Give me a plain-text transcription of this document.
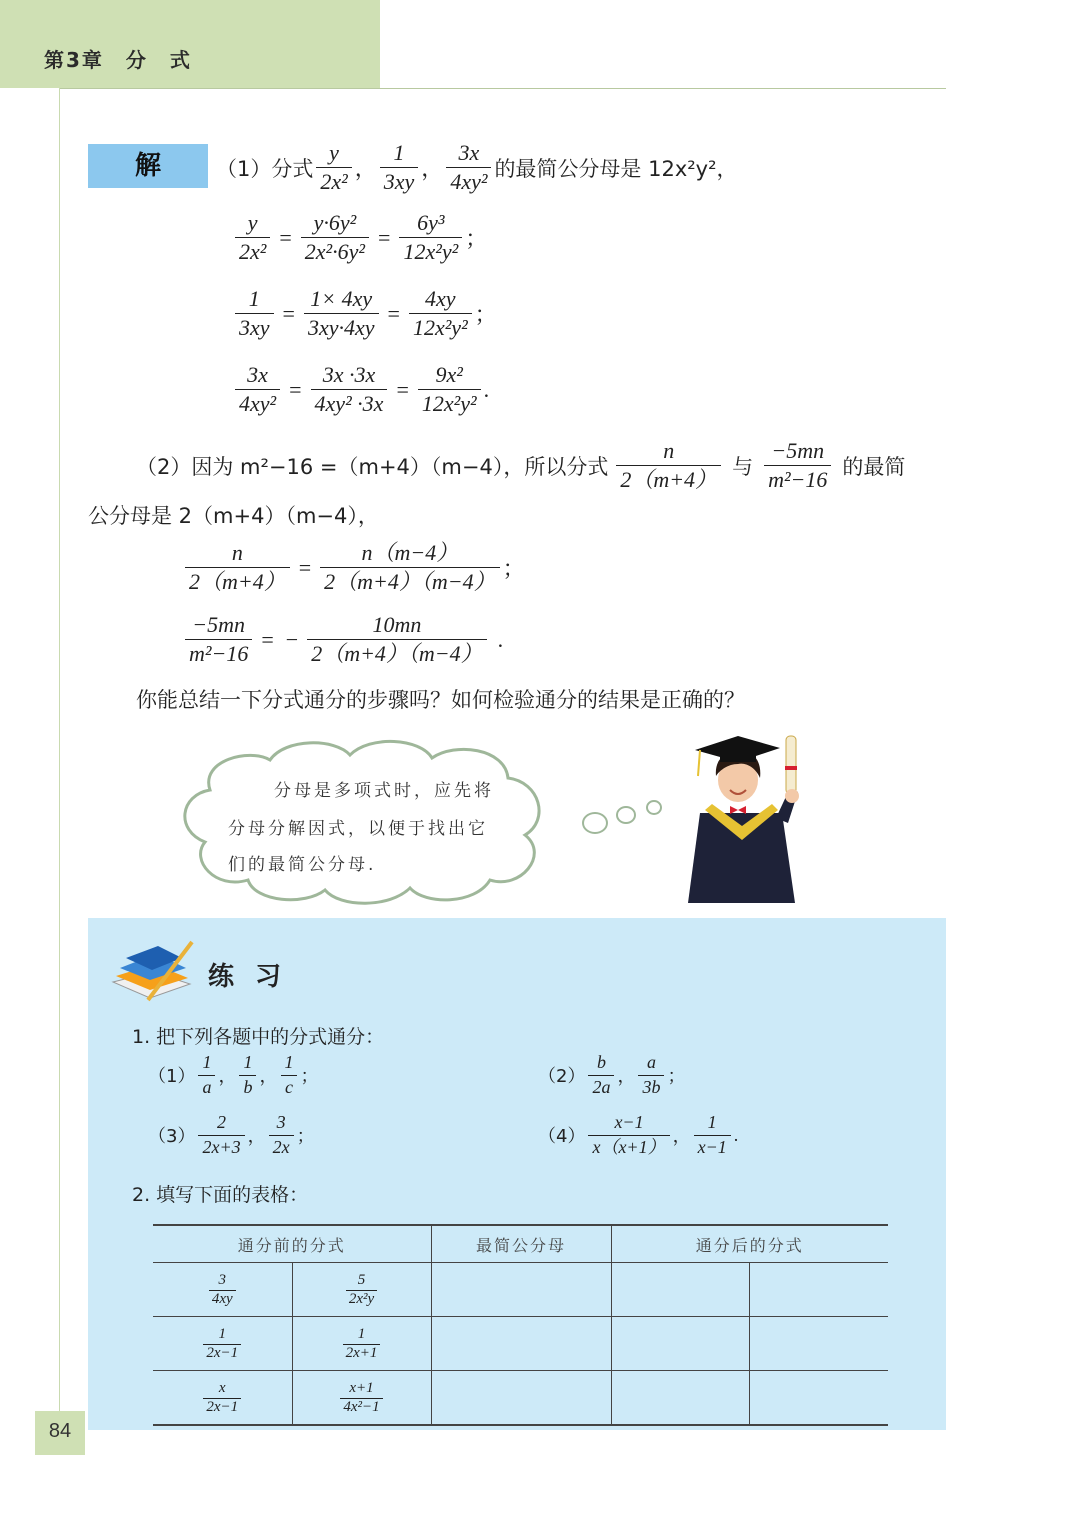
第3章　分　式
解	（1）分式 $\frac{y}{\text{2x²}}$ ， $\frac{1}{3xy}$ ， $\frac{3x}{\text{4xy²}}$ 的最简公分母是 12x²y²，
$\frac{y}{\text{2x²}} = \frac{\text{y·6y²}}{\text{2x²·6y²}} = \frac{\text{6y³}}{\text{12x²y²}}$ ；
$\frac{1}{3xy} = \frac{1\times 4xy}{3xy\cdot 4xy} = \frac{4xy}{\text{12x²y²}}$ ；
$\frac{3x}{\text{4xy²}} = \frac{3x \cdot 3x}{\text{4xy² ·3x}} = \frac{\text{9x²}}{\text{12x²y²}}$ .
（2）因为 m²−16 =（m+4）（m−4），所以分式 $\frac{n}{2(m+4)}$ 与 $\frac{-5mn}{\text{m²−16}}$ 的最简
公分母是 2（m+4）（m−4），
$\frac{n}{2(m+4)} = \frac{n(m-4)}{2(m+4)(m-4)}$ ；
$\frac{-5mn}{\text{m²−16}}$ = − $\frac{10mn}{2(m+4)(m-4)}$ .
你能总结一下分式通分的步骤吗？如何检验通分的结果是正确的？
分母是多项式时，应先将
分母分解因式，以便于找出它
们的最简公分母.
练 习
1. 把下列各题中的分式通分：
$(1) \frac{1}{a}$ ， $\frac{1}{b}$ ， $\frac{1}{c}$ ；	$(2) \frac{b}{2a}$ ， $\frac{a}{3b}$ ；
$(3) \frac{2}{2x+3}$ ， $\frac{3}{2x}$ ；	$(4) \frac{x-1}{x(x+1)}$ ， $\frac{1}{x-1}$ .
2. 填写下面的表格：
通分前的分式		最简公分母	通分后的分式	

$\frac{3}{4xy}$	$\frac{5}{\text{2x²y}}$

$\frac{1}{2x-1}$	$\frac{1}{2x+1}$

$\frac{x}{2x-1}$	$\frac{x+1}{\text{4x²−1}}$

84
